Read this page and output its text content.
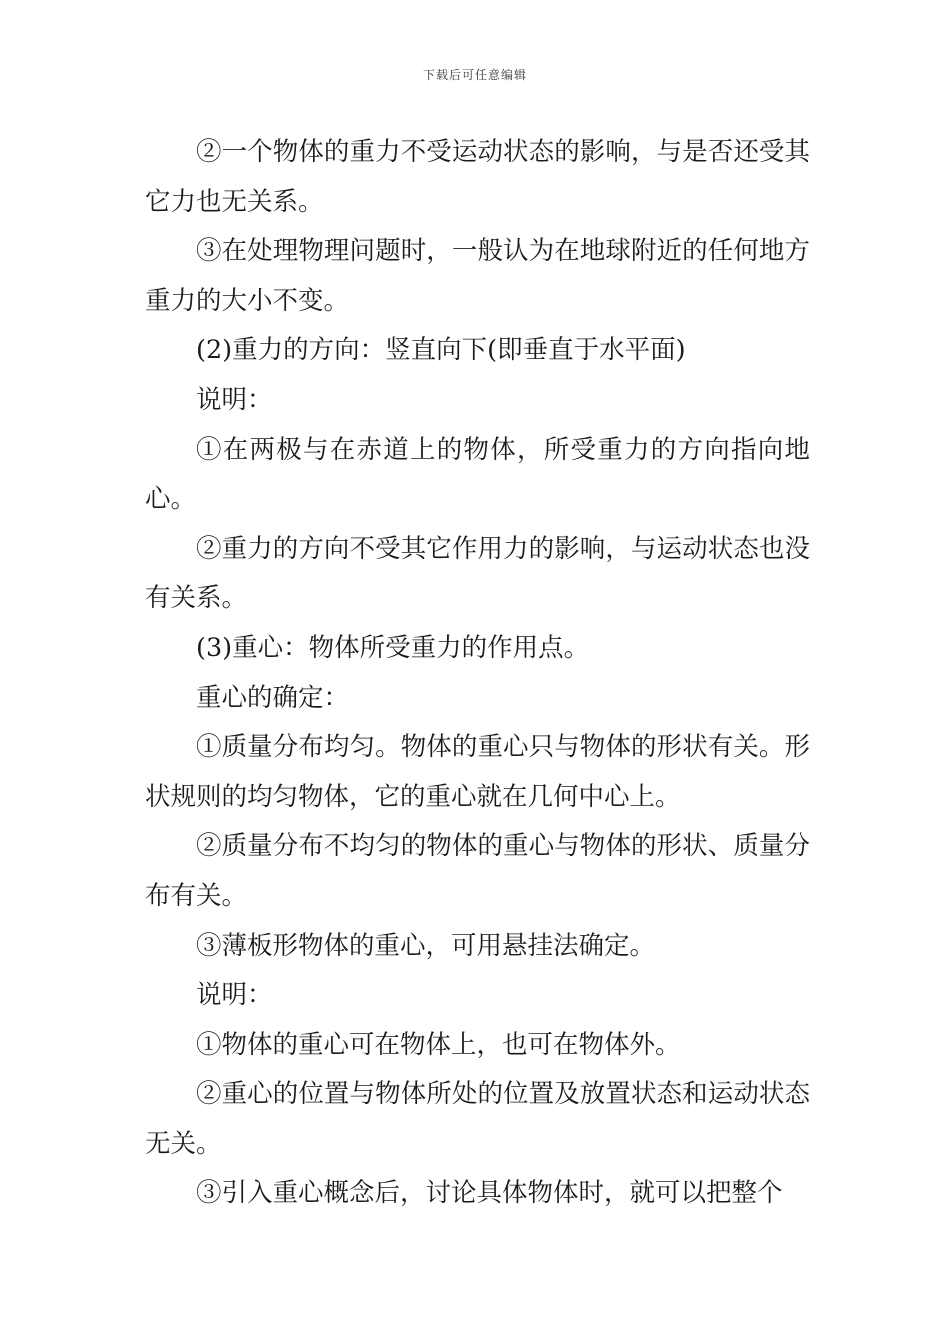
下载后可任意编辑

②一个物体的重力不受运动状态的影响，与是否还受其它力也无关系。

③在处理物理问题时，一般认为在地球附近的任何地方重力的大小不变。

(2)重力的方向：竖直向下(即垂直于水平面)

说明：

①在两极与在赤道上的物体，所受重力的方向指向地心。

②重力的方向不受其它作用力的影响，与运动状态也没有关系。

(3)重心：物体所受重力的作用点。

重心的确定：

①质量分布均匀。物体的重心只与物体的形状有关。形状规则的均匀物体，它的重心就在几何中心上。

②质量分布不均匀的物体的重心与物体的形状、质量分布有关。

③薄板形物体的重心，可用悬挂法确定。

说明：

①物体的重心可在物体上，也可在物体外。

②重心的位置与物体所处的位置及放置状态和运动状态无关。

③引入重心概念后，讨论具体物体时，就可以把整个
